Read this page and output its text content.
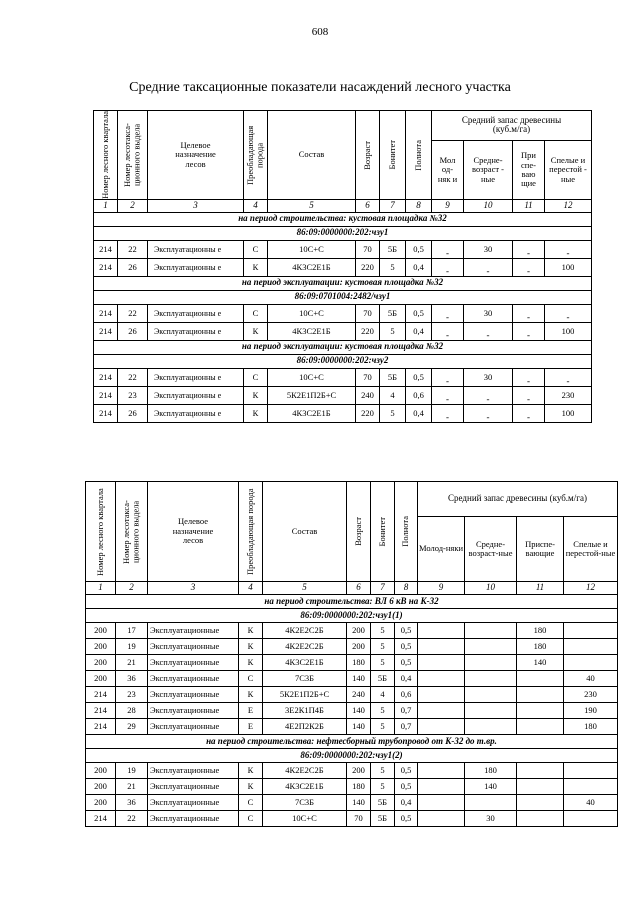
608
Средние таксационные показатели насаждений лесного участка
Номер лесного квартала	Номер лесотакса-ционного выдела	Целевое назначение лесов	Преобладающая порода	Состав	Возраст	Бонитет	Полнота	Средний запас древесины (куб.м/га)			

								Мол од-няк и	Средне-возраст - ные	При спе-ваю щие	Спелые и перестой - ные

1	2	3	4	5	6	7	8	9	10	11	12
на период строительства: кустовая площадка №32											
86:09:0000000:202:чзу1											
214	22	Эксплуатационны е	С	10С+С	70	5Б	0,5	-	30	-	-
214	26	Эксплуатационны е	К	4К3С2Е1Б	220	5	0,4	-	-	-	100
на период эксплуатации: кустовая площадка №32											
86:09:0701004:2482/чзу1											
214	22	Эксплуатационны е	С	10С+С	70	5Б	0,5	-	30	-	-
214	26	Эксплуатационны е	К	4К3С2Е1Б	220	5	0,4	-	-	-	100
на период эксплуатации: кустовая площадка №32											
86:09:0000000:202:чзу2											
214	22	Эксплуатационны е	С	10С+С	70	5Б	0,5	-	30	-	-
214	23	Эксплуатационны е	К	5К2Е1П2Б+С	240	4	0,6	-	-	-	230
214	26	Эксплуатационны е	К	4К3С2Е1Б	220	5	0,4	-	-	-	100
Номер лесного квартала	Номер лесотакса-ционного выдела	Целевое назначение лесов	Преобладающая порода	Состав	Возраст	Бонитет	Полнота	Средний запас древесины (куб.м/га)			

								Молод-няки	Средне-возраст-ные	Приспе-вающие	Спелые и перестой-ные

1	2	3	4	5	6	7	8	9	10	11	12
на период строительства: ВЛ 6 кВ на К-32											
86:09:0000000:202:чзу1(1)											
200	17	Эксплуатационные	К	4К2Е2С2Б	200	5	0,5			180	
200	19	Эксплуатационные	К	4К2Е2С2Б	200	5	0,5			180	
200	21	Эксплуатационные	К	4К3С2Е1Б	180	5	0,5			140	
200	36	Эксплуатационные	С	7С3Б	140	5Б	0,4				40
214	23	Эксплуатационные	К	5К2Е1П2Б+С	240	4	0,6				230
214	28	Эксплуатационные	Е	3Е2К1П4Б	140	5	0,7				190
214	29	Эксплуатационные	Е	4Е2П2К2Б	140	5	0,7				180
на период строительства: нефтесборный трубопровод от К-32 до т.вр.											
86:09:0000000:202:чзу1(2)											
200	19	Эксплуатационные	К	4К2Е2С2Б	200	5	0,5		180		
200	21	Эксплуатационные	К	4К3С2Е1Б	180	5	0,5		140		
200	36	Эксплуатационные	С	7С3Б	140	5Б	0,4				40
214	22	Эксплуатационные	С	10С+С	70	5Б	0,5		30		
